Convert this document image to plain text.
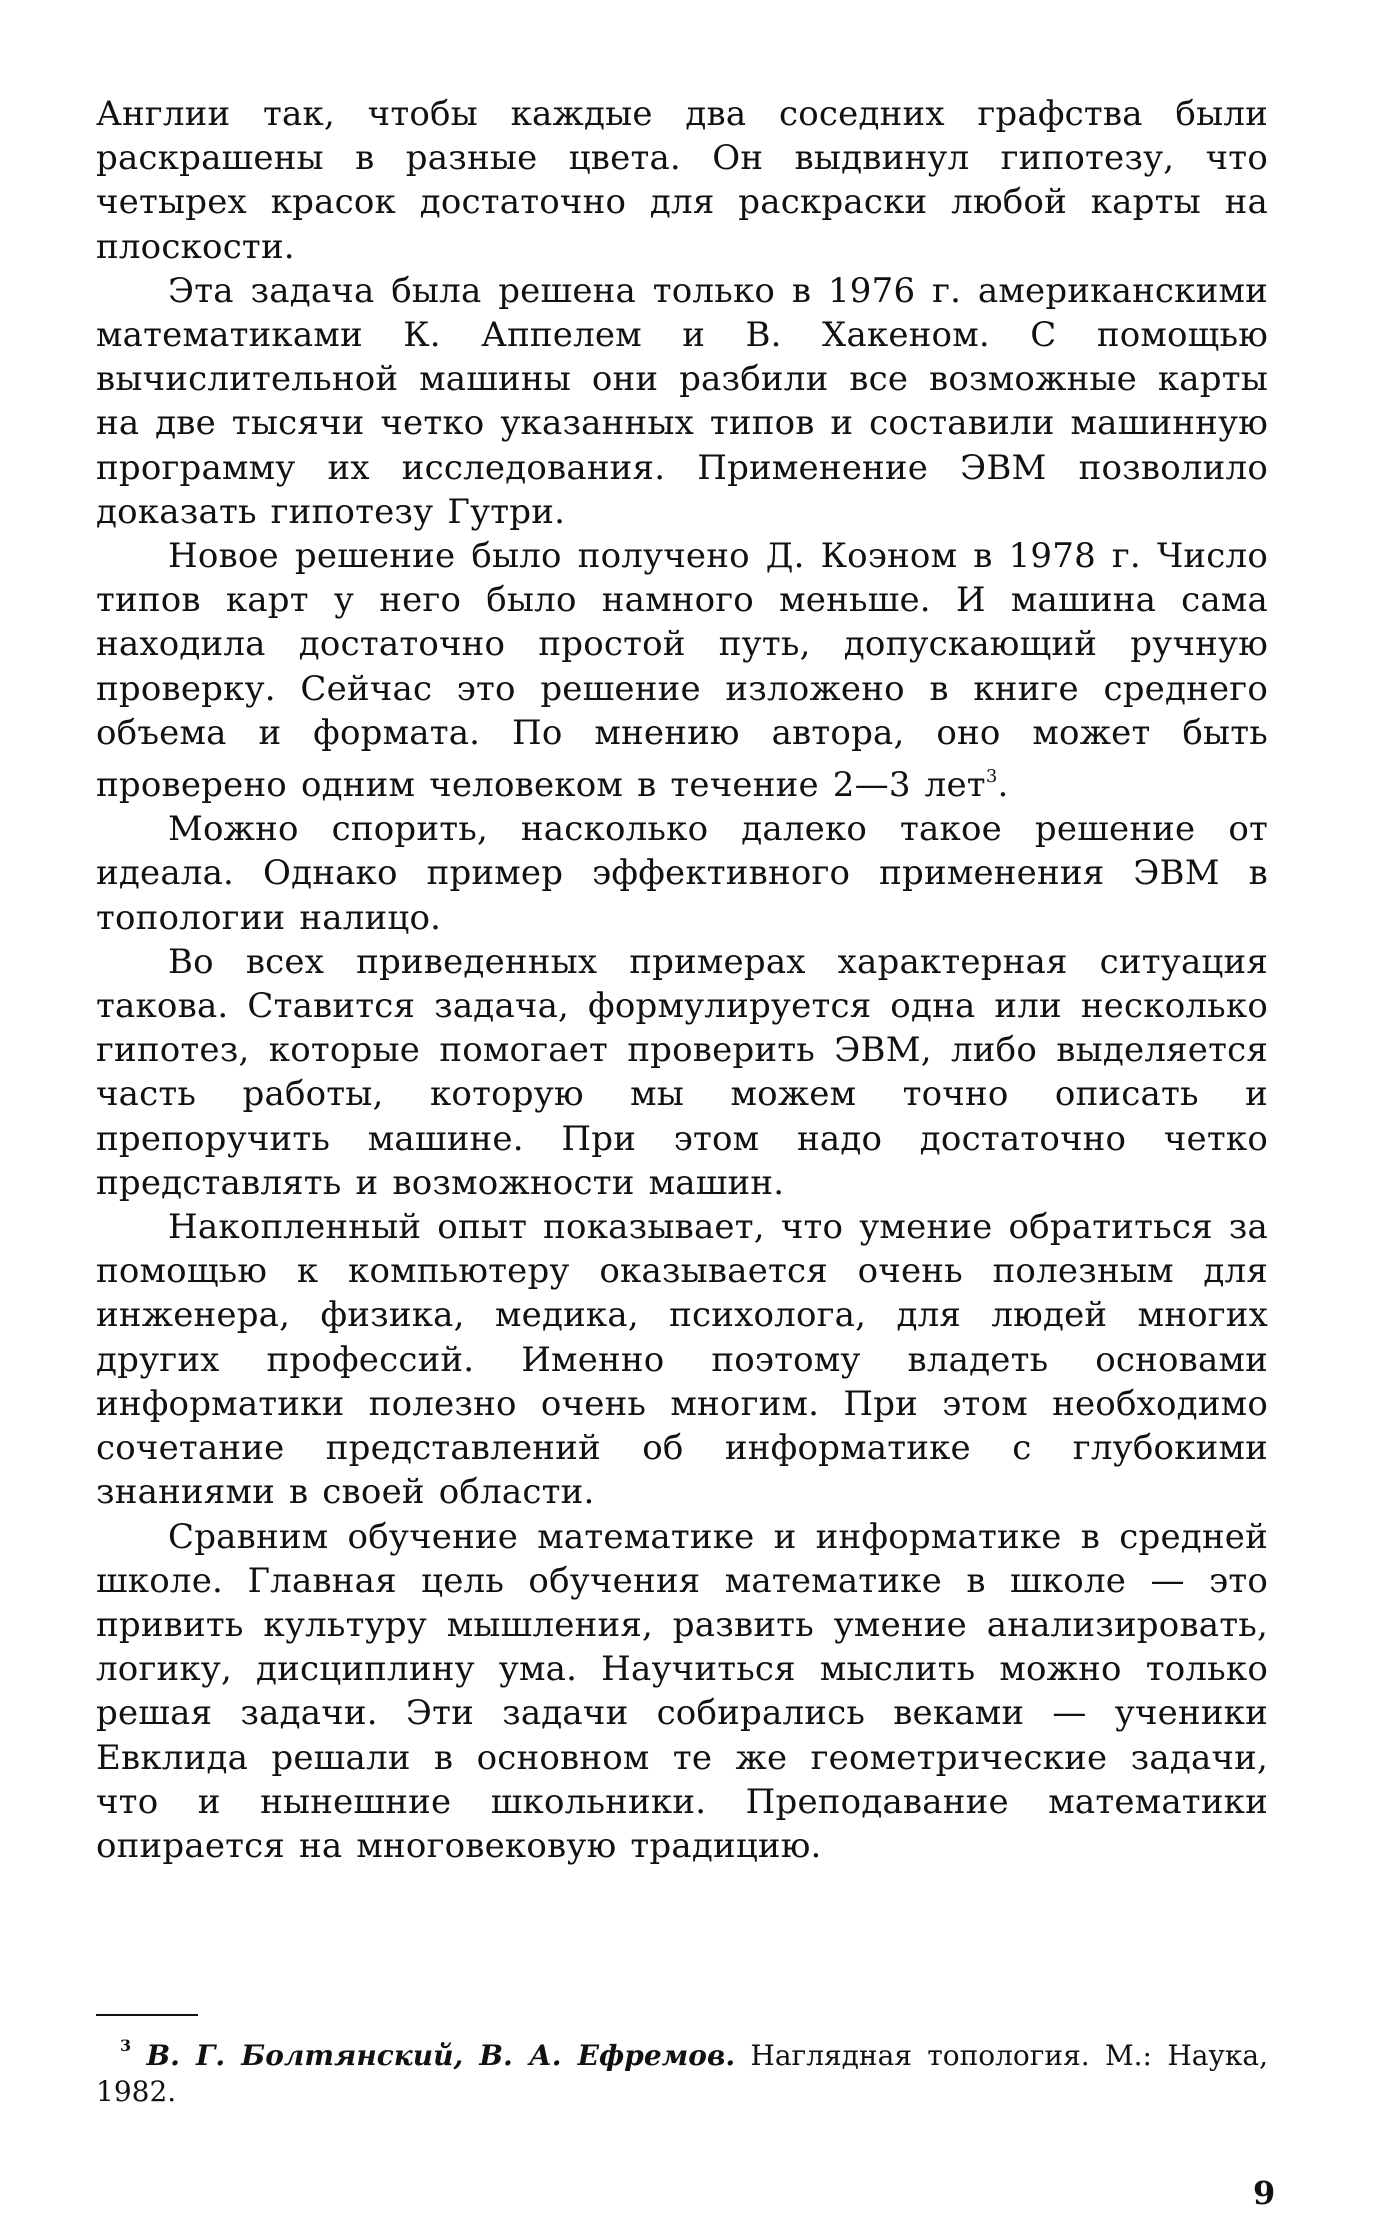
Англии так, чтобы каждые два соседних графства были раскрашены в разные цвета. Он выдвинул гипотезу, что четырех красок достаточно для раскраски любой карты на плоскости.

Эта задача была решена только в 1976 г. американскими математиками К. Аппелем и В. Хакеном. С помощью вычислительной машины они разбили все возможные карты на две тысячи четко указанных типов и составили машинную программу их исследования. Применение ЭВМ позволило доказать гипотезу Гутри.

Новое решение было получено Д. Коэном в 1978 г. Число типов карт у него было намного меньше. И машина сама находила достаточно простой путь, допускающий ручную проверку. Сейчас это решение изложено в книге среднего объема и формата. По мнению автора, оно может быть проверено одним человеком в течение 2—3 лет$^3$.

Можно спорить, насколько далеко такое решение от идеала. Однако пример эффективного применения ЭВМ в топологии налицо.

Во всех приведенных примерах характерная ситуация такова. Ставится задача, формулируется одна или несколько гипотез, которые помогает проверить ЭВМ, либо выделяется часть работы, которую мы можем точно описать и препоручить машине. При этом надо достаточно четко представлять и возможности машин.

Накопленный опыт показывает, что умение обратиться за помощью к компьютеру оказывается очень полезным для инженера, физика, медика, психолога, для людей многих других профессий. Именно поэтому владеть основами информатики полезно очень многим. При этом необходимо сочетание представлений об информатике с глубокими знаниями в своей области.

Сравним обучение математике и информатике в средней школе. Главная цель обучения математике в школе — это привить культуру мышления, развить умение анализировать, логику, дисциплину ума. Научиться мыслить можно только решая задачи. Эти задачи собирались веками — ученики Евклида решали в основном те же геометрические задачи, что и нынешние школьники. Преподавание математики опирается на многовековую традицию.

$^3$ В. Г. Болтянский, В. А. Ефремов. Наглядная топология. М.: Наука, 1982.
9
